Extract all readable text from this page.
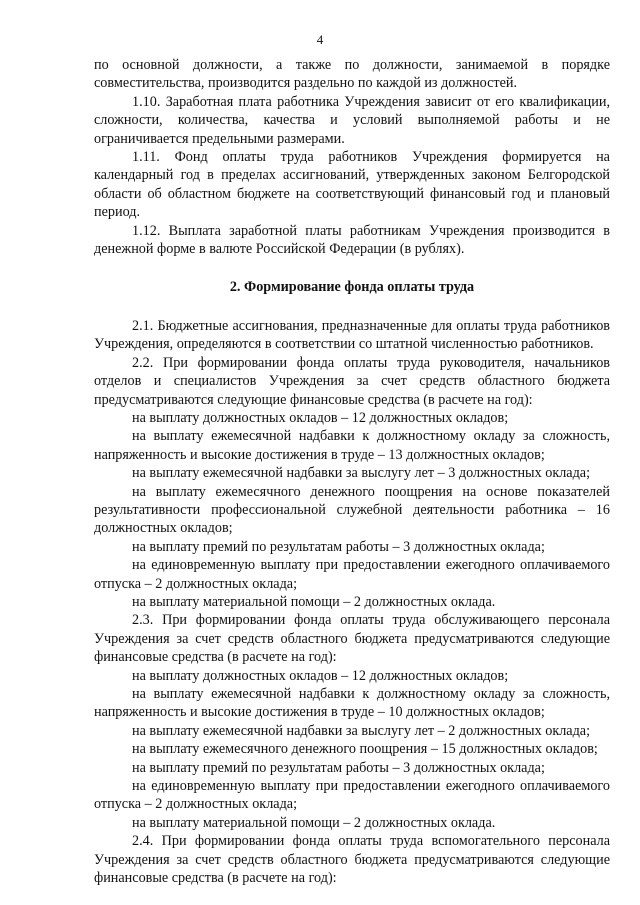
4

по основной должности, а также по должности, занимаемой в порядке совместительства, производится раздельно по каждой из должностей.

1.10. Заработная плата работника Учреждения зависит от его квалификации, сложности, количества, качества и условий выполняемой работы и не ограничивается предельными размерами.

1.11. Фонд оплаты труда работников Учреждения формируется на календарный год в пределах ассигнований, утвержденных законом Белгородской области об областном бюджете на соответствующий финансовый год и плановый период.

1.12. Выплата заработной платы работникам Учреждения производится в денежной форме в валюте Российской Федерации (в рублях).

2. Формирование фонда оплаты труда

2.1. Бюджетные ассигнования, предназначенные для оплаты труда работников Учреждения, определяются в соответствии со штатной численностью работников.

2.2. При формировании фонда оплаты труда руководителя, начальников отделов и специалистов Учреждения за счет средств областного бюджета предусматриваются следующие финансовые средства (в расчете на год):

на выплату должностных окладов – 12 должностных окладов;

на выплату ежемесячной надбавки к должностному окладу за сложность, напряженность и высокие достижения в труде – 13 должностных окладов;

на выплату ежемесячной надбавки за выслугу лет – 3 должностных оклада;

на выплату ежемесячного денежного поощрения на основе показателей результативности профессиональной служебной деятельности работника – 16 должностных окладов;

на выплату премий по результатам работы – 3 должностных оклада;

на единовременную выплату при предоставлении ежегодного оплачиваемого отпуска – 2 должностных оклада;

на выплату материальной помощи – 2 должностных оклада.

2.3. При формировании фонда оплаты труда обслуживающего персонала Учреждения за счет средств областного бюджета предусматриваются следующие финансовые средства (в расчете на год):

на выплату должностных окладов – 12 должностных окладов;

на выплату ежемесячной надбавки к должностному окладу за сложность, напряженность и высокие достижения в труде – 10 должностных окладов;

на выплату ежемесячной надбавки за выслугу лет – 2 должностных оклада;

на выплату ежемесячного денежного поощрения – 15 должностных окладов;

на выплату премий по результатам работы – 3 должностных оклада;

на единовременную выплату при предоставлении ежегодного оплачиваемого отпуска – 2 должностных оклада;

на выплату материальной помощи – 2 должностных оклада.

2.4. При формировании фонда оплаты труда вспомогательного персонала Учреждения за счет средств областного бюджета предусматриваются следующие финансовые средства (в расчете на год):
